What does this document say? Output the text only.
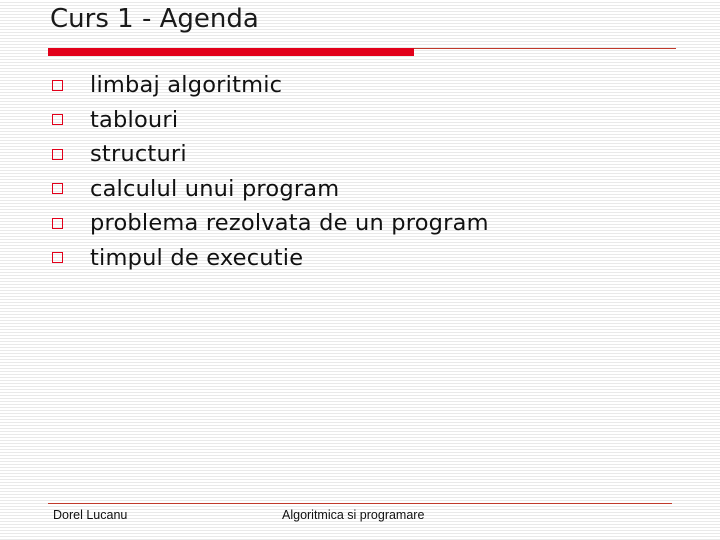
Curs 1 - Agenda
limbaj algoritmic
tablouri
structuri
calculul unui program
problema rezolvata de un program
timpul de executie
Dorel Lucanu	Algoritmica si programare
